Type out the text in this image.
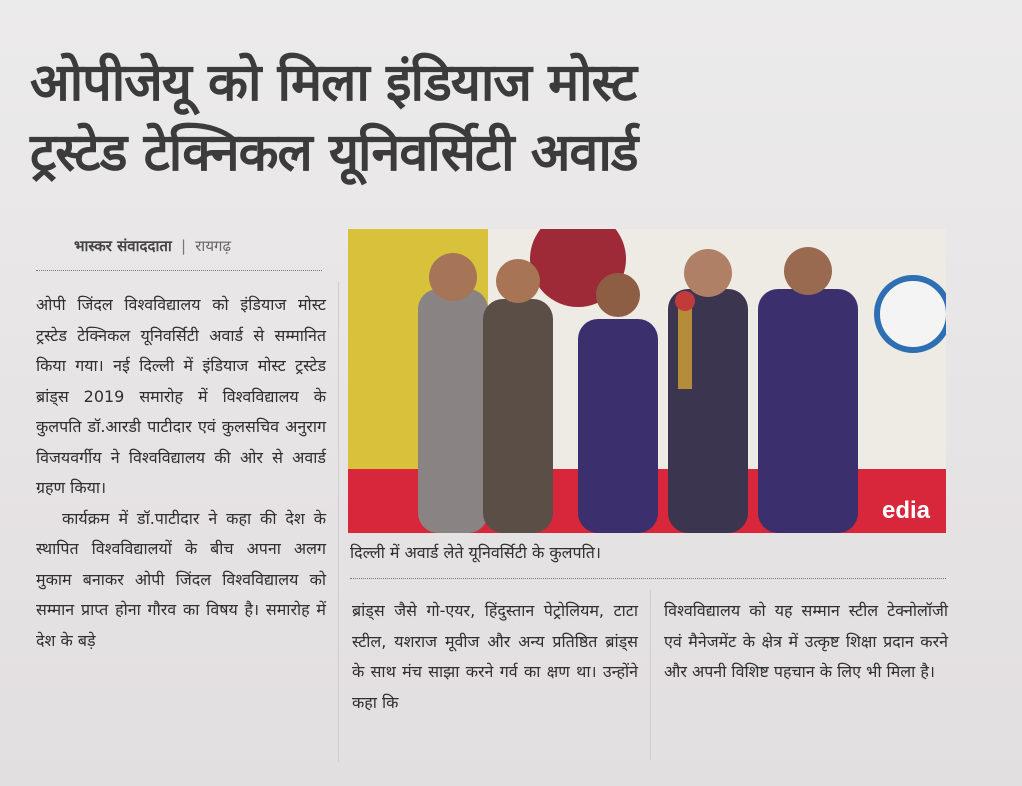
ओपीजेयू को मिला इंडियाज मोस्ट
ट्रस्टेड टेक्निकल यूनिवर्सिटी अवार्ड
भास्कर संवाददाता | रायगढ़

ओपी जिंदल विश्वविद्यालय को इंडियाज मोस्ट ट्रस्टेड टेक्निकल यूनिवर्सिटी अवार्ड से सम्मानित किया गया। नई दिल्ली में इंडियाज मोस्ट ट्रस्टेड ब्रांड्स 2019 समारोह में विश्वविद्यालय के कुलपति डॉ.आरडी पाटीदार एवं कुलसचिव अनुराग विजयवर्गीय ने विश्वविद्यालय की ओर से अवार्ड ग्रहण किया।

कार्यक्रम में डॉ.पाटीदार ने कहा की देश के स्थापित विश्वविद्यालयों के बीच अपना अलग मुकाम बनाकर ओपी जिंदल विश्वविद्यालय को सम्मान प्राप्त होना गौरव का विषय है। समारोह में देश के बड़े

edia
दिल्ली में अवार्ड लेते यूनिवर्सिटी के कुलपति।

ब्रांड्स जैसे गो-एयर, हिंदुस्तान पेट्रोलियम, टाटा स्टील, यशराज मूवीज और अन्य प्रतिष्ठित ब्रांड्स के साथ मंच साझा करने गर्व का क्षण था। उन्होंने कहा कि

विश्वविद्यालय को यह सम्मान स्टील टेक्नोलॉजी एवं मैनेजमेंट के क्षेत्र में उत्कृष्ट शिक्षा प्रदान करने और अपनी विशिष्ट पहचान के लिए भी मिला है।
